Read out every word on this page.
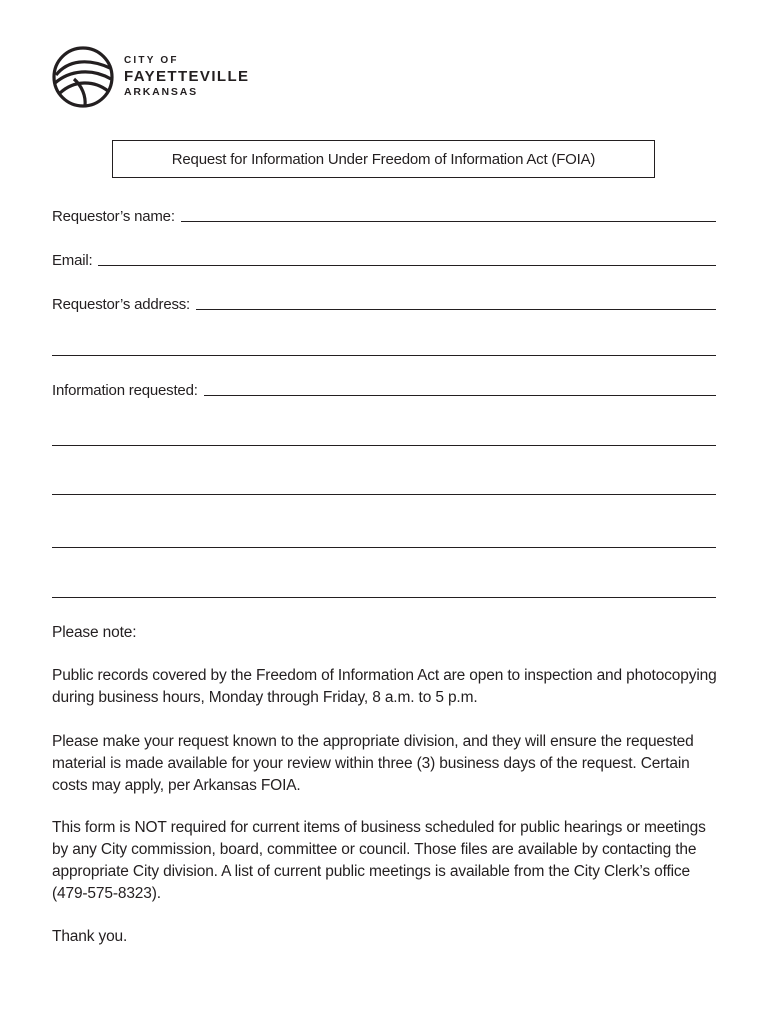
CITY OF
FAYETTEVILLE
ARKANSAS
Request for Information Under Freedom of Information Act (FOIA)
Requestor’s name:
Email:
Requestor’s address:
Information requested:

Please note:

Public records covered by the Freedom of Information Act are open to inspection and photocopying during business hours, Monday through Friday, 8 a.m. to 5 p.m.

Please make your request known to the appropriate division, and they will ensure the requested material is made available for your review within three (3) business days of the request. Certain costs may apply, per Arkansas FOIA.

This form is NOT required for current items of business scheduled for public hearings or meetings by any City commission, board, committee or council. Those files are available by contacting the appropriate City division. A list of current public meetings is available from the City Clerk’s office (479-575-8323).

Thank you.
